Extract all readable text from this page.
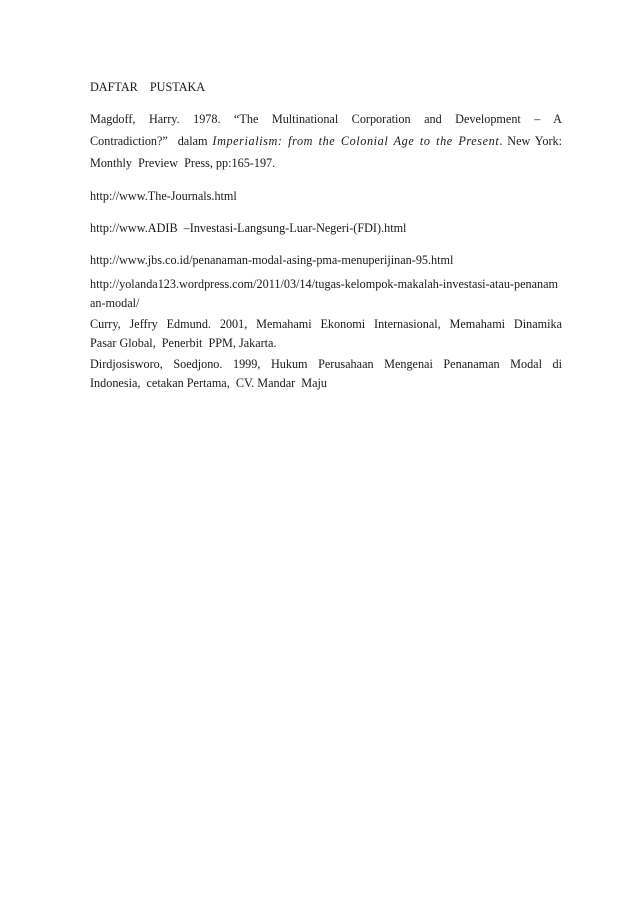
DAFTAR  PUSTAKA

Magdoff,  Harry.  1978.  “The  Multinational  Corporation  and  Development  –  A Contradiction?”  dalam Imperialism: from the Colonial Age to the Present. New York: Monthly  Preview  Press, pp:165-197.

http://www.The-Journals.html

http://www.ADIB  –Investasi-Langsung-Luar-Negeri-(FDI).html

http://www.jbs.co.id/penanaman-modal-asing-pma-menuperijinan-95.html

http://yolanda123.wordpress.com/2011/03/14/tugas-kelompok-makalah-investasi-atau-penanaman-modal/

Curry,  Jeffry  Edmund.  2001,  Memahami  Ekonomi  Internasional,  Memahami  Dinamika Pasar Global,  Penerbit  PPM, Jakarta.

Dirdjosisworo,  Soedjono.  1999,  Hukum  Perusahaan  Mengenai  Penanaman  Modal  di Indonesia,  cetakan Pertama,  CV. Mandar  Maju
